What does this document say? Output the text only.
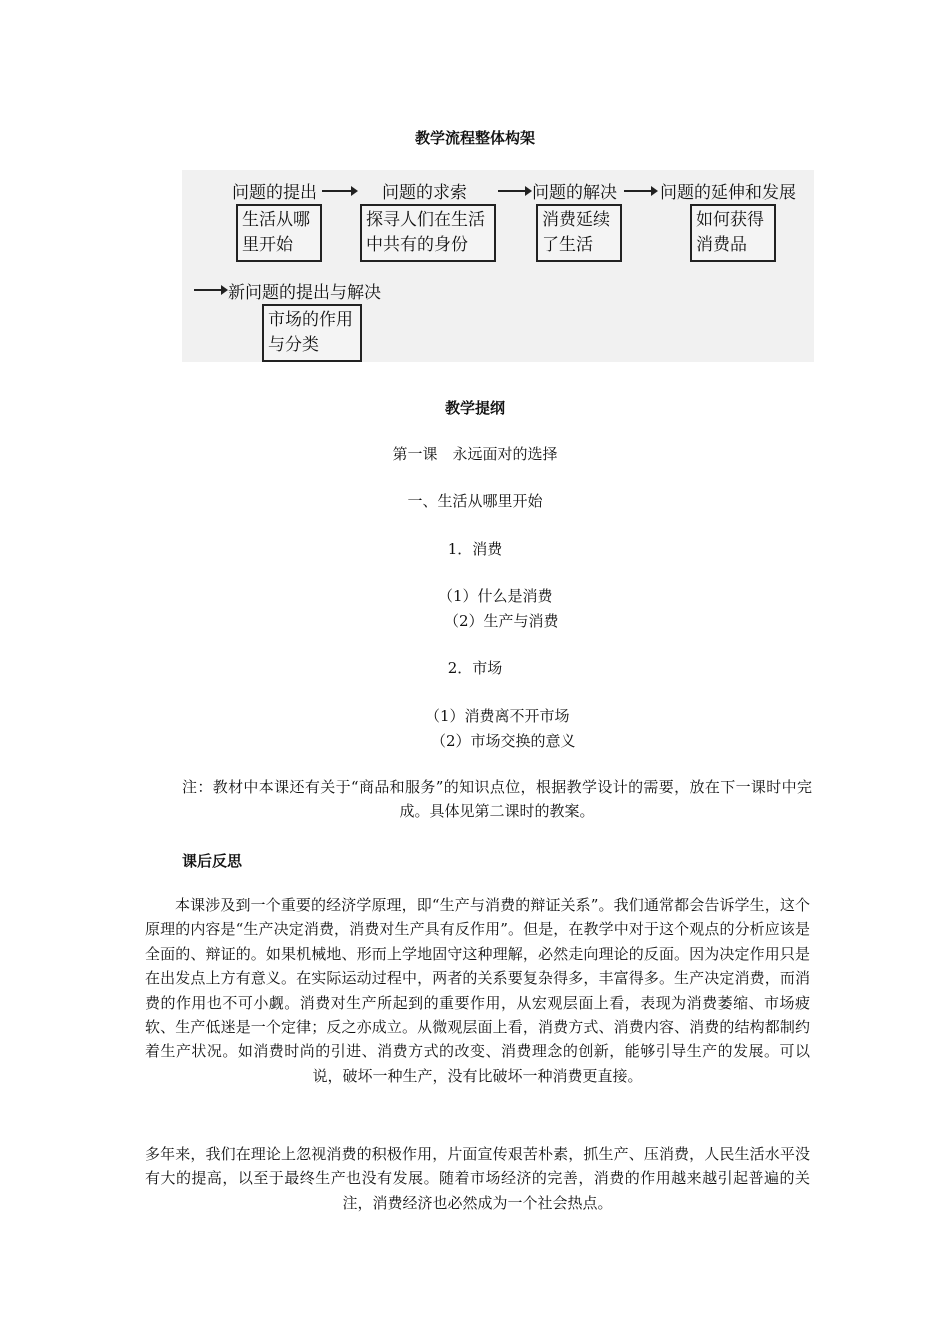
教学流程整体构架
问题的提出
生活从哪
里开始
问题的求索
探寻人们在生活
中共有的身份
问题的解决
消费延续
了生活
问题的延伸和发展
如何获得
消费品
新问题的提出与解决
市场的作用
与分类
教学提纲
第一课　永远面对的选择
一、生活从哪里开始
1．消费
（1）什么是消费
（2）生产与消费
2．市场
（1）消费离不开市场
（2）市场交换的意义
注：教材中本课还有关于“商品和服务”的知识点位，根据教学设计的需要，放在下一课时中完成。具体见第二课时的教案。
课后反思
本课涉及到一个重要的经济学原理，即“生产与消费的辩证关系”。我们通常都会告诉学生，这个原理的内容是“生产决定消费，消费对生产具有反作用”。但是，在教学中对于这个观点的分析应该是全面的、辩证的。如果机械地、形而上学地固守这种理解，必然走向理论的反面。因为决定作用只是在出发点上方有意义。在实际运动过程中，两者的关系要复杂得多，丰富得多。生产决定消费，而消费的作用也不可小觑。消费对生产所起到的重要作用，从宏观层面上看，表现为消费萎缩、市场疲软、生产低迷是一个定律；反之亦成立。从微观层面上看，消费方式、消费内容、消费的结构都制约着生产状况。如消费时尚的引进、消费方式的改变、消费理念的创新，能够引导生产的发展。可以说，破坏一种生产，没有比破坏一种消费更直接。
多年来，我们在理论上忽视消费的积极作用，片面宣传艰苦朴素，抓生产、压消费，人民生活水平没有大的提高，以至于最终生产也没有发展。随着市场经济的完善，消费的作用越来越引起普遍的关注，消费经济也必然成为一个社会热点。
